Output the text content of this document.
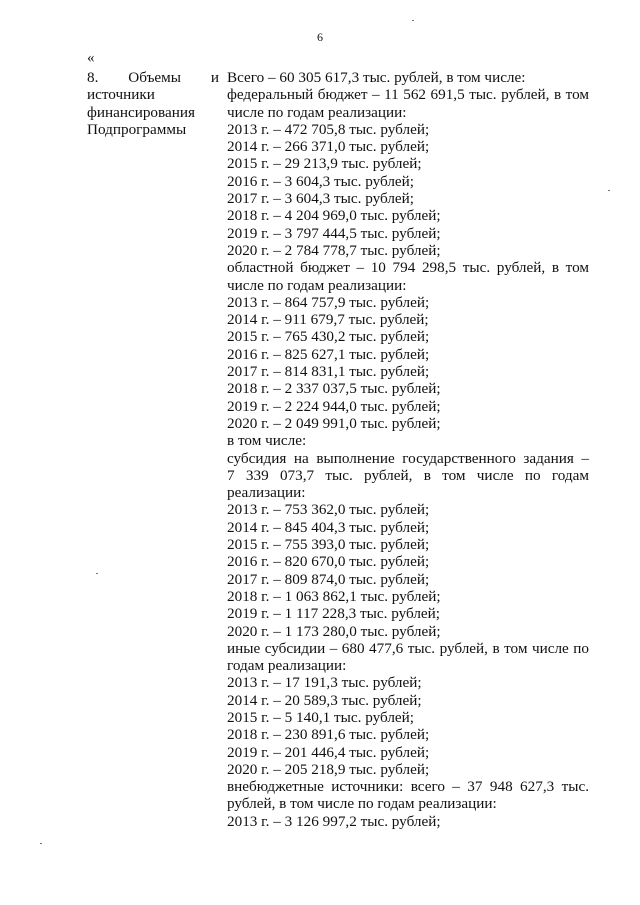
6
«
8. Объемы и
источники
финансирования
Подпрограммы
Всего – 60 305 617,3 тыс. рублей, в том числе:
федеральный бюджет – 11 562 691,5 тыс. рублей, в том
числе по годам реализации:
2013 г. – 472 705,8 тыс. рублей;
2014 г. – 266 371,0 тыс. рублей;
2015 г. – 29 213,9 тыс. рублей;
2016 г. – 3 604,3 тыс. рублей;
2017 г. – 3 604,3 тыс. рублей;
2018 г. – 4 204 969,0 тыс. рублей;
2019 г. – 3 797 444,5 тыс. рублей;
2020 г. – 2 784 778,7 тыс. рублей;
областной бюджет – 10 794 298,5 тыс. рублей, в том
числе по годам реализации:
2013 г. – 864 757,9 тыс. рублей;
2014 г. – 911 679,7 тыс. рублей;
2015 г. – 765 430,2 тыс. рублей;
2016 г. – 825 627,1 тыс. рублей;
2017 г. – 814 831,1 тыс. рублей;
2018 г. – 2 337 037,5 тыс. рублей;
2019 г. – 2 224 944,0 тыс. рублей;
2020 г. – 2 049 991,0 тыс. рублей;
в том числе:
субсидия на выполнение государственного задания –
7 339 073,7 тыс. рублей, в том числе по годам
реализации:
2013 г. – 753 362,0 тыс. рублей;
2014 г. – 845 404,3 тыс. рублей;
2015 г. – 755 393,0 тыс. рублей;
2016 г. – 820 670,0 тыс. рублей;
2017 г. – 809 874,0 тыс. рублей;
2018 г. – 1 063 862,1 тыс. рублей;
2019 г. – 1 117 228,3 тыс. рублей;
2020 г. – 1 173 280,0 тыс. рублей;
иные субсидии – 680 477,6 тыс. рублей, в том числе по
годам реализации:
2013 г. – 17 191,3 тыс. рублей;
2014 г. – 20 589,3 тыс. рублей;
2015 г. – 5 140,1 тыс. рублей;
2018 г. – 230 891,6 тыс. рублей;
2019 г. – 201 446,4 тыс. рублей;
2020 г. – 205 218,9 тыс. рублей;
внебюджетные источники: всего – 37 948 627,3 тыс.
рублей, в том числе по годам реализации:
2013 г. – 3 126 997,2 тыс. рублей;
